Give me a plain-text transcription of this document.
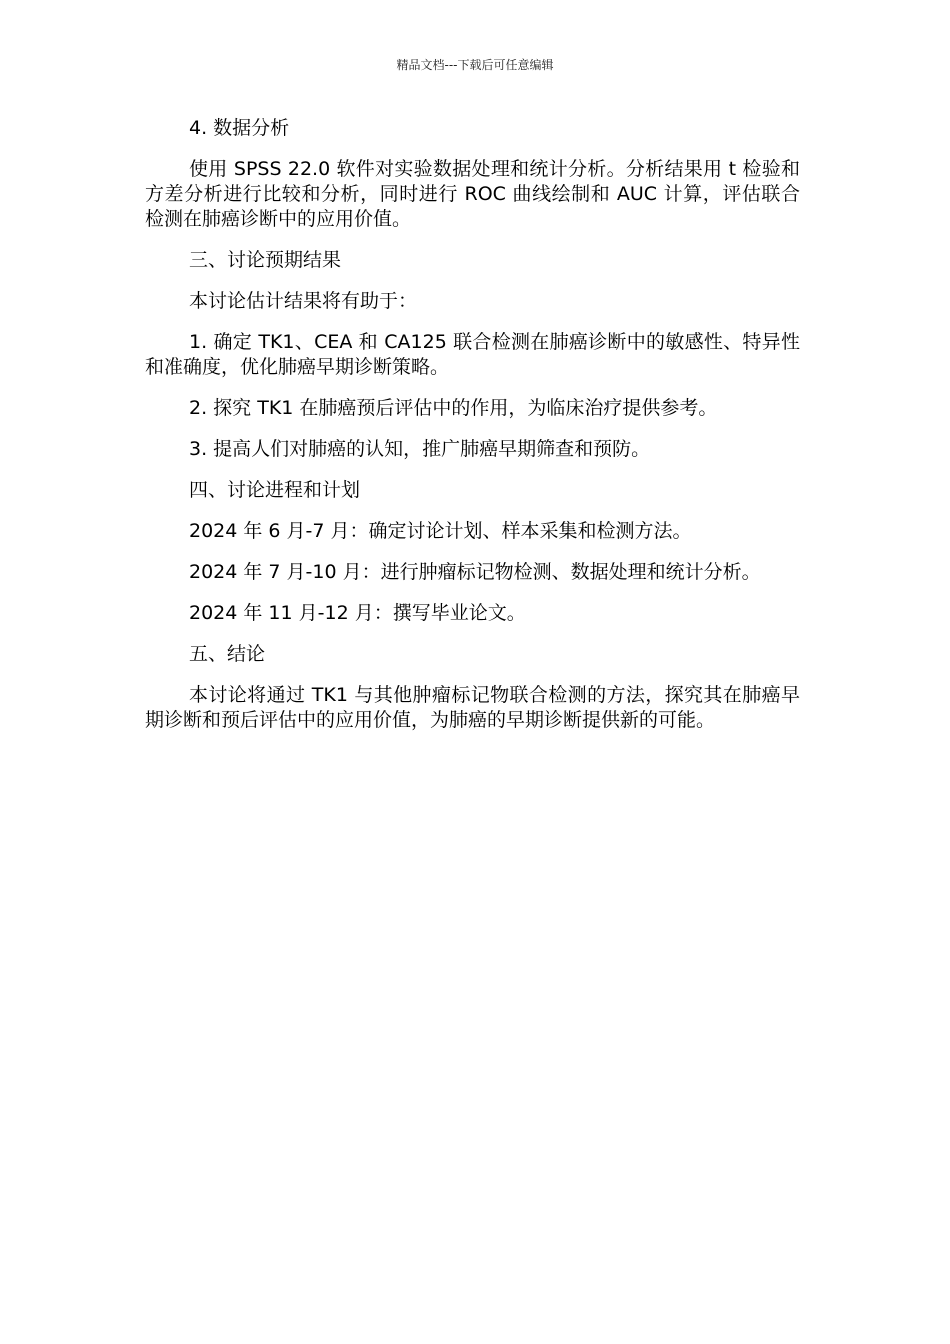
精品文档---下载后可任意编辑

4. 数据分析

使用 SPSS 22.0 软件对实验数据处理和统计分析。分析结果用 t 检验和方差分析进行比较和分析，同时进行 ROC 曲线绘制和 AUC 计算，评估联合检测在肺癌诊断中的应用价值。

三、讨论预期结果

本讨论估计结果将有助于：

1. 确定 TK1、CEA 和 CA125 联合检测在肺癌诊断中的敏感性、特异性和准确度，优化肺癌早期诊断策略。

2. 探究 TK1 在肺癌预后评估中的作用，为临床治疗提供参考。

3. 提高人们对肺癌的认知，推广肺癌早期筛查和预防。

四、讨论进程和计划

2024 年 6 月-7 月：确定讨论计划、样本采集和检测方法。

2024 年 7 月-10 月：进行肿瘤标记物检测、数据处理和统计分析。

2024 年 11 月-12 月：撰写毕业论文。

五、结论

本讨论将通过 TK1 与其他肿瘤标记物联合检测的方法，探究其在肺癌早期诊断和预后评估中的应用价值，为肺癌的早期诊断提供新的可能。
